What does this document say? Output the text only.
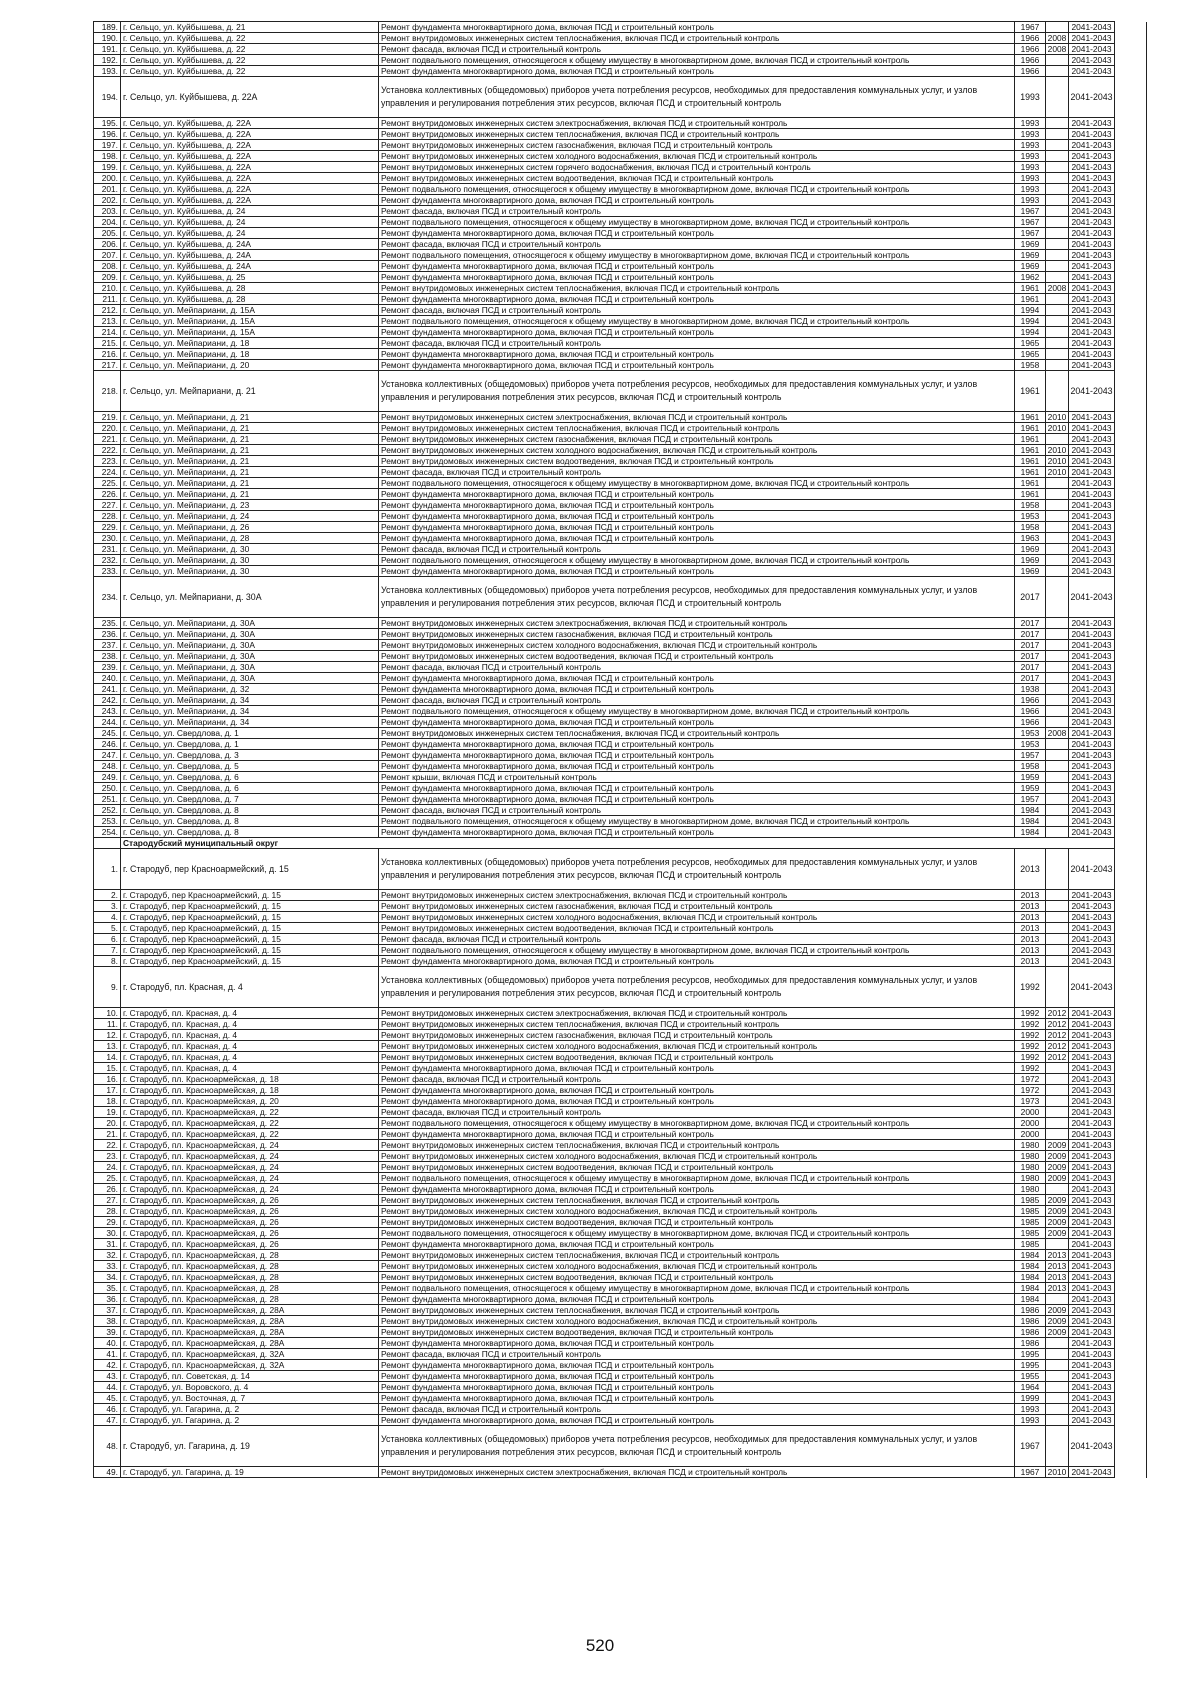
189.	г. Сельцо, ул. Куйбышева, д. 21	Ремонт фундамента многоквартирного дома, включая ПСД и строительный контроль	1967		2041-2043	
190.	г. Сельцо, ул. Куйбышева, д. 22	Ремонт внутридомовых инженерных систем теплоснабжения, включая ПСД и строительный контроль	1966	2008	2041-2043	
191.	г. Сельцо, ул. Куйбышева, д. 22	Ремонт фасада, включая ПСД и строительный контроль	1966	2008	2041-2043	
192.	г. Сельцо, ул. Куйбышева, д. 22	Ремонт подвального помещения, относящегося к общему имуществу в многоквартирном доме, включая ПСД и строительный контроль	1966		2041-2043	
193.	г. Сельцо, ул. Куйбышева, д. 22	Ремонт фундамента многоквартирного дома, включая ПСД и строительный контроль	1966		2041-2043	
194.	г. Сельцо, ул. Куйбышева, д. 22А	Установка коллективных (общедомовых) приборов учета потребления ресурсов, необходимых для предоставления коммунальных услуг, и узлов управления и регулирования потребления этих ресурсов, включая ПСД и строительный контроль	1993		2041-2043	
195.	г. Сельцо, ул. Куйбышева, д. 22А	Ремонт внутридомовых инженерных систем электроснабжения, включая ПСД и строительный контроль	1993		2041-2043	
196.	г. Сельцо, ул. Куйбышева, д. 22А	Ремонт внутридомовых инженерных систем теплоснабжения, включая ПСД и строительный контроль	1993		2041-2043	
197.	г. Сельцо, ул. Куйбышева, д. 22А	Ремонт внутридомовых инженерных систем газоснабжения, включая ПСД и строительный контроль	1993		2041-2043	
198.	г. Сельцо, ул. Куйбышева, д. 22А	Ремонт внутридомовых инженерных систем холодного водоснабжения, включая ПСД и строительный контроль	1993		2041-2043	
199.	г. Сельцо, ул. Куйбышева, д. 22А	Ремонт внутридомовых инженерных систем горячего водоснабжения, включая ПСД и строительный контроль	1993		2041-2043	
200.	г. Сельцо, ул. Куйбышева, д. 22А	Ремонт внутридомовых инженерных систем водоотведения, включая ПСД и строительный контроль	1993		2041-2043	
201.	г. Сельцо, ул. Куйбышева, д. 22А	Ремонт подвального помещения, относящегося к общему имуществу в многоквартирном доме, включая ПСД и строительный контроль	1993		2041-2043	
202.	г. Сельцо, ул. Куйбышева, д. 22А	Ремонт фундамента многоквартирного дома, включая ПСД и строительный контроль	1993		2041-2043	
203.	г. Сельцо, ул. Куйбышева, д. 24	Ремонт фасада, включая ПСД и строительный контроль	1967		2041-2043	
204.	г. Сельцо, ул. Куйбышева, д. 24	Ремонт подвального помещения, относящегося к общему имуществу в многоквартирном доме, включая ПСД и строительный контроль	1967		2041-2043	
205.	г. Сельцо, ул. Куйбышева, д. 24	Ремонт фундамента многоквартирного дома, включая ПСД и строительный контроль	1967		2041-2043	
206.	г. Сельцо, ул. Куйбышева, д. 24А	Ремонт фасада, включая ПСД и строительный контроль	1969		2041-2043	
207.	г. Сельцо, ул. Куйбышева, д. 24А	Ремонт подвального помещения, относящегося к общему имуществу в многоквартирном доме, включая ПСД и строительный контроль	1969		2041-2043	
208.	г. Сельцо, ул. Куйбышева, д. 24А	Ремонт фундамента многоквартирного дома, включая ПСД и строительный контроль	1969		2041-2043	
209.	г. Сельцо, ул. Куйбышева, д. 25	Ремонт фундамента многоквартирного дома, включая ПСД и строительный контроль	1962		2041-2043	
210.	г. Сельцо, ул. Куйбышева, д. 28	Ремонт внутридомовых инженерных систем теплоснабжения, включая ПСД и строительный контроль	1961	2008	2041-2043	
211.	г. Сельцо, ул. Куйбышева, д. 28	Ремонт фундамента многоквартирного дома, включая ПСД и строительный контроль	1961		2041-2043	
212.	г. Сельцо, ул. Мейпариани, д. 15А	Ремонт фасада, включая ПСД и строительный контроль	1994		2041-2043	
213.	г. Сельцо, ул. Мейпариани, д. 15А	Ремонт подвального помещения, относящегося к общему имуществу в многоквартирном доме, включая ПСД и строительный контроль	1994		2041-2043	
214.	г. Сельцо, ул. Мейпариани, д. 15А	Ремонт фундамента многоквартирного дома, включая ПСД и строительный контроль	1994		2041-2043	
215.	г. Сельцо, ул. Мейпариани, д. 18	Ремонт фасада, включая ПСД и строительный контроль	1965		2041-2043	
216.	г. Сельцо, ул. Мейпариани, д. 18	Ремонт фундамента многоквартирного дома, включая ПСД и строительный контроль	1965		2041-2043	
217.	г. Сельцо, ул. Мейпариани, д. 20	Ремонт фундамента многоквартирного дома, включая ПСД и строительный контроль	1958		2041-2043	
218.	г. Сельцо, ул. Мейпариани, д. 21	Установка коллективных (общедомовых) приборов учета потребления ресурсов, необходимых для предоставления коммунальных услуг, и узлов управления и регулирования потребления этих ресурсов, включая ПСД и строительный контроль	1961		2041-2043	
219.	г. Сельцо, ул. Мейпариани, д. 21	Ремонт внутридомовых инженерных систем электроснабжения, включая ПСД и строительный контроль	1961	2010	2041-2043	
220.	г. Сельцо, ул. Мейпариани, д. 21	Ремонт внутридомовых инженерных систем теплоснабжения, включая ПСД и строительный контроль	1961	2010	2041-2043	
221.	г. Сельцо, ул. Мейпариани, д. 21	Ремонт внутридомовых инженерных систем газоснабжения, включая ПСД и строительный контроль	1961		2041-2043	
222.	г. Сельцо, ул. Мейпариани, д. 21	Ремонт внутридомовых инженерных систем холодного водоснабжения, включая ПСД и строительный контроль	1961	2010	2041-2043	
223.	г. Сельцо, ул. Мейпариани, д. 21	Ремонт внутридомовых инженерных систем водоотведения, включая ПСД и строительный контроль	1961	2010	2041-2043	
224.	г. Сельцо, ул. Мейпариани, д. 21	Ремонт фасада, включая ПСД и строительный контроль	1961	2010	2041-2043	
225.	г. Сельцо, ул. Мейпариани, д. 21	Ремонт подвального помещения, относящегося к общему имуществу в многоквартирном доме, включая ПСД и строительный контроль	1961		2041-2043	
226.	г. Сельцо, ул. Мейпариани, д. 21	Ремонт фундамента многоквартирного дома, включая ПСД и строительный контроль	1961		2041-2043	
227.	г. Сельцо, ул. Мейпариани, д. 23	Ремонт фундамента многоквартирного дома, включая ПСД и строительный контроль	1958		2041-2043	
228.	г. Сельцо, ул. Мейпариани, д. 24	Ремонт фундамента многоквартирного дома, включая ПСД и строительный контроль	1953		2041-2043	
229.	г. Сельцо, ул. Мейпариани, д. 26	Ремонт фундамента многоквартирного дома, включая ПСД и строительный контроль	1958		2041-2043	
230.	г. Сельцо, ул. Мейпариани, д. 28	Ремонт фундамента многоквартирного дома, включая ПСД и строительный контроль	1963		2041-2043	
231.	г. Сельцо, ул. Мейпариани, д. 30	Ремонт фасада, включая ПСД и строительный контроль	1969		2041-2043	
232.	г. Сельцо, ул. Мейпариани, д. 30	Ремонт подвального помещения, относящегося к общему имуществу в многоквартирном доме, включая ПСД и строительный контроль	1969		2041-2043	
233.	г. Сельцо, ул. Мейпариани, д. 30	Ремонт фундамента многоквартирного дома, включая ПСД и строительный контроль	1969		2041-2043	
234.	г. Сельцо, ул. Мейпариани, д. 30А	Установка коллективных (общедомовых) приборов учета потребления ресурсов, необходимых для предоставления коммунальных услуг, и узлов управления и регулирования потребления этих ресурсов, включая ПСД и строительный контроль	2017		2041-2043	
235.	г. Сельцо, ул. Мейпариани, д. 30А	Ремонт внутридомовых инженерных систем электроснабжения, включая ПСД и строительный контроль	2017		2041-2043	
236.	г. Сельцо, ул. Мейпариани, д. 30А	Ремонт внутридомовых инженерных систем газоснабжения, включая ПСД и строительный контроль	2017		2041-2043	
237.	г. Сельцо, ул. Мейпариани, д. 30А	Ремонт внутридомовых инженерных систем холодного водоснабжения, включая ПСД и строительный контроль	2017		2041-2043	
238.	г. Сельцо, ул. Мейпариани, д. 30А	Ремонт внутридомовых инженерных систем водоотведения, включая ПСД и строительный контроль	2017		2041-2043	
239.	г. Сельцо, ул. Мейпариани, д. 30А	Ремонт фасада, включая ПСД и строительный контроль	2017		2041-2043	
240.	г. Сельцо, ул. Мейпариани, д. 30А	Ремонт фундамента многоквартирного дома, включая ПСД и строительный контроль	2017		2041-2043	
241.	г. Сельцо, ул. Мейпариани, д. 32	Ремонт фундамента многоквартирного дома, включая ПСД и строительный контроль	1938		2041-2043	
242.	г. Сельцо, ул. Мейпариани, д. 34	Ремонт фасада, включая ПСД и строительный контроль	1966		2041-2043	
243.	г. Сельцо, ул. Мейпариани, д. 34	Ремонт подвального помещения, относящегося к общему имуществу в многоквартирном доме, включая ПСД и строительный контроль	1966		2041-2043	
244.	г. Сельцо, ул. Мейпариани, д. 34	Ремонт фундамента многоквартирного дома, включая ПСД и строительный контроль	1966		2041-2043	
245.	г. Сельцо, ул. Свердлова, д. 1	Ремонт внутридомовых инженерных систем теплоснабжения, включая ПСД и строительный контроль	1953	2008	2041-2043	
246.	г. Сельцо, ул. Свердлова, д. 1	Ремонт фундамента многоквартирного дома, включая ПСД и строительный контроль	1953		2041-2043	
247.	г. Сельцо, ул. Свердлова, д. 3	Ремонт фундамента многоквартирного дома, включая ПСД и строительный контроль	1957		2041-2043	
248.	г. Сельцо, ул. Свердлова, д. 5	Ремонт фундамента многоквартирного дома, включая ПСД и строительный контроль	1958		2041-2043	
249.	г. Сельцо, ул. Свердлова, д. 6	Ремонт крыши, включая ПСД и строительный контроль	1959		2041-2043	
250.	г. Сельцо, ул. Свердлова, д. 6	Ремонт фундамента многоквартирного дома, включая ПСД и строительный контроль	1959		2041-2043	
251.	г. Сельцо, ул. Свердлова, д. 7	Ремонт фундамента многоквартирного дома, включая ПСД и строительный контроль	1957		2041-2043	
252.	г. Сельцо, ул. Свердлова, д. 8	Ремонт фасада, включая ПСД и строительный контроль	1984		2041-2043	
253.	г. Сельцо, ул. Свердлова, д. 8	Ремонт подвального помещения, относящегося к общему имуществу в многоквартирном доме, включая ПСД и строительный контроль	1984		2041-2043	
254.	г. Сельцо, ул. Свердлова, д. 8	Ремонт фундамента многоквартирного дома, включая ПСД и строительный контроль	1984		2041-2043	
	Стародубский муниципальный округ					
1.	г. Стародуб, пер Красноармейский, д. 15	Установка коллективных (общедомовых) приборов учета потребления ресурсов, необходимых для предоставления коммунальных услуг, и узлов управления и регулирования потребления этих ресурсов, включая ПСД и строительный контроль	2013		2041-2043	
2.	г. Стародуб, пер Красноармейский, д. 15	Ремонт внутридомовых инженерных систем электроснабжения, включая ПСД и строительный контроль	2013		2041-2043	
3.	г. Стародуб, пер Красноармейский, д. 15	Ремонт внутридомовых инженерных систем газоснабжения, включая ПСД и строительный контроль	2013		2041-2043	
4.	г. Стародуб, пер Красноармейский, д. 15	Ремонт внутридомовых инженерных систем холодного водоснабжения, включая ПСД и строительный контроль	2013		2041-2043	
5.	г. Стародуб, пер Красноармейский, д. 15	Ремонт внутридомовых инженерных систем водоотведения, включая ПСД и строительный контроль	2013		2041-2043	
6.	г. Стародуб, пер Красноармейский, д. 15	Ремонт фасада, включая ПСД и строительный контроль	2013		2041-2043	
7.	г. Стародуб, пер Красноармейский, д. 15	Ремонт подвального помещения, относящегося к общему имуществу в многоквартирном доме, включая ПСД и строительный контроль	2013		2041-2043	
8.	г. Стародуб, пер Красноармейский, д. 15	Ремонт фундамента многоквартирного дома, включая ПСД и строительный контроль	2013		2041-2043	
9.	г. Стародуб, пл. Красная, д. 4	Установка коллективных (общедомовых) приборов учета потребления ресурсов, необходимых для предоставления коммунальных услуг, и узлов управления и регулирования потребления этих ресурсов, включая ПСД и строительный контроль	1992		2041-2043	
10.	г. Стародуб, пл. Красная, д. 4	Ремонт внутридомовых инженерных систем электроснабжения, включая ПСД и строительный контроль	1992	2012	2041-2043	
11.	г. Стародуб, пл. Красная, д. 4	Ремонт внутридомовых инженерных систем теплоснабжения, включая ПСД и строительный контроль	1992	2012	2041-2043	
12.	г. Стародуб, пл. Красная, д. 4	Ремонт внутридомовых инженерных систем газоснабжения, включая ПСД и строительный контроль	1992	2012	2041-2043	
13.	г. Стародуб, пл. Красная, д. 4	Ремонт внутридомовых инженерных систем холодного водоснабжения, включая ПСД и строительный контроль	1992	2012	2041-2043	
14.	г. Стародуб, пл. Красная, д. 4	Ремонт внутридомовых инженерных систем водоотведения, включая ПСД и строительный контроль	1992	2012	2041-2043	
15.	г. Стародуб, пл. Красная, д. 4	Ремонт фундамента многоквартирного дома, включая ПСД и строительный контроль	1992		2041-2043	
16.	г. Стародуб, пл. Красноармейская, д. 18	Ремонт фасада, включая ПСД и строительный контроль	1972		2041-2043	
17.	г. Стародуб, пл. Красноармейская, д. 18	Ремонт фундамента многоквартирного дома, включая ПСД и строительный контроль	1972		2041-2043	
18.	г. Стародуб, пл. Красноармейская, д. 20	Ремонт фундамента многоквартирного дома, включая ПСД и строительный контроль	1973		2041-2043	
19.	г. Стародуб, пл. Красноармейская, д. 22	Ремонт фасада, включая ПСД и строительный контроль	2000		2041-2043	
20.	г. Стародуб, пл. Красноармейская, д. 22	Ремонт подвального помещения, относящегося к общему имуществу в многоквартирном доме, включая ПСД и строительный контроль	2000		2041-2043	
21.	г. Стародуб, пл. Красноармейская, д. 22	Ремонт фундамента многоквартирного дома, включая ПСД и строительный контроль	2000		2041-2043	
22.	г. Стародуб, пл. Красноармейская, д. 24	Ремонт внутридомовых инженерных систем теплоснабжения, включая ПСД и строительный контроль	1980	2009	2041-2043	
23.	г. Стародуб, пл. Красноармейская, д. 24	Ремонт внутридомовых инженерных систем холодного водоснабжения, включая ПСД и строительный контроль	1980	2009	2041-2043	
24.	г. Стародуб, пл. Красноармейская, д. 24	Ремонт внутридомовых инженерных систем водоотведения, включая ПСД и строительный контроль	1980	2009	2041-2043	
25.	г. Стародуб, пл. Красноармейская, д. 24	Ремонт подвального помещения, относящегося к общему имуществу в многоквартирном доме, включая ПСД и строительный контроль	1980	2009	2041-2043	
26.	г. Стародуб, пл. Красноармейская, д. 24	Ремонт фундамента многоквартирного дома, включая ПСД и строительный контроль	1980		2041-2043	
27.	г. Стародуб, пл. Красноармейская, д. 26	Ремонт внутридомовых инженерных систем теплоснабжения, включая ПСД и строительный контроль	1985	2009	2041-2043	
28.	г. Стародуб, пл. Красноармейская, д. 26	Ремонт внутридомовых инженерных систем холодного водоснабжения, включая ПСД и строительный контроль	1985	2009	2041-2043	
29.	г. Стародуб, пл. Красноармейская, д. 26	Ремонт внутридомовых инженерных систем водоотведения, включая ПСД и строительный контроль	1985	2009	2041-2043	
30.	г. Стародуб, пл. Красноармейская, д. 26	Ремонт подвального помещения, относящегося к общему имуществу в многоквартирном доме, включая ПСД и строительный контроль	1985	2009	2041-2043	
31.	г. Стародуб, пл. Красноармейская, д. 26	Ремонт фундамента многоквартирного дома, включая ПСД и строительный контроль	1985		2041-2043	
32.	г. Стародуб, пл. Красноармейская, д. 28	Ремонт внутридомовых инженерных систем теплоснабжения, включая ПСД и строительный контроль	1984	2013	2041-2043	
33.	г. Стародуб, пл. Красноармейская, д. 28	Ремонт внутридомовых инженерных систем холодного водоснабжения, включая ПСД и строительный контроль	1984	2013	2041-2043	
34.	г. Стародуб, пл. Красноармейская, д. 28	Ремонт внутридомовых инженерных систем водоотведения, включая ПСД и строительный контроль	1984	2013	2041-2043	
35.	г. Стародуб, пл. Красноармейская, д. 28	Ремонт подвального помещения, относящегося к общему имуществу в многоквартирном доме, включая ПСД и строительный контроль	1984	2013	2041-2043	
36.	г. Стародуб, пл. Красноармейская, д. 28	Ремонт фундамента многоквартирного дома, включая ПСД и строительный контроль	1984		2041-2043	
37.	г. Стародуб, пл. Красноармейская, д. 28А	Ремонт внутридомовых инженерных систем теплоснабжения, включая ПСД и строительный контроль	1986	2009	2041-2043	
38.	г. Стародуб, пл. Красноармейская, д. 28А	Ремонт внутридомовых инженерных систем холодного водоснабжения, включая ПСД и строительный контроль	1986	2009	2041-2043	
39.	г. Стародуб, пл. Красноармейская, д. 28А	Ремонт внутридомовых инженерных систем водоотведения, включая ПСД и строительный контроль	1986	2009	2041-2043	
40.	г. Стародуб, пл. Красноармейская, д. 28А	Ремонт фундамента многоквартирного дома, включая ПСД и строительный контроль	1986		2041-2043	
41.	г. Стародуб, пл. Красноармейская, д. 32А	Ремонт фасада, включая ПСД и строительный контроль	1995		2041-2043	
42.	г. Стародуб, пл. Красноармейская, д. 32А	Ремонт фундамента многоквартирного дома, включая ПСД и строительный контроль	1995		2041-2043	
43.	г. Стародуб, пл. Советская, д. 14	Ремонт фундамента многоквартирного дома, включая ПСД и строительный контроль	1955		2041-2043	
44.	г. Стародуб, ул. Воровского, д. 4	Ремонт фундамента многоквартирного дома, включая ПСД и строительный контроль	1964		2041-2043	
45.	г. Стародуб, ул. Восточная, д. 7	Ремонт фундамента многоквартирного дома, включая ПСД и строительный контроль	1999		2041-2043	
46.	г. Стародуб, ул. Гагарина, д. 2	Ремонт фасада, включая ПСД и строительный контроль	1993		2041-2043	
47.	г. Стародуб, ул. Гагарина, д. 2	Ремонт фундамента многоквартирного дома, включая ПСД и строительный контроль	1993		2041-2043	
48.	г. Стародуб, ул. Гагарина, д. 19	Установка коллективных (общедомовых) приборов учета потребления ресурсов, необходимых для предоставления коммунальных услуг, и узлов управления и регулирования потребления этих ресурсов, включая ПСД и строительный контроль	1967		2041-2043	
49.	г. Стародуб, ул. Гагарина, д. 19	Ремонт внутридомовых инженерных систем электроснабжения, включая ПСД и строительный контроль	1967	2010	2041-2043	
520
